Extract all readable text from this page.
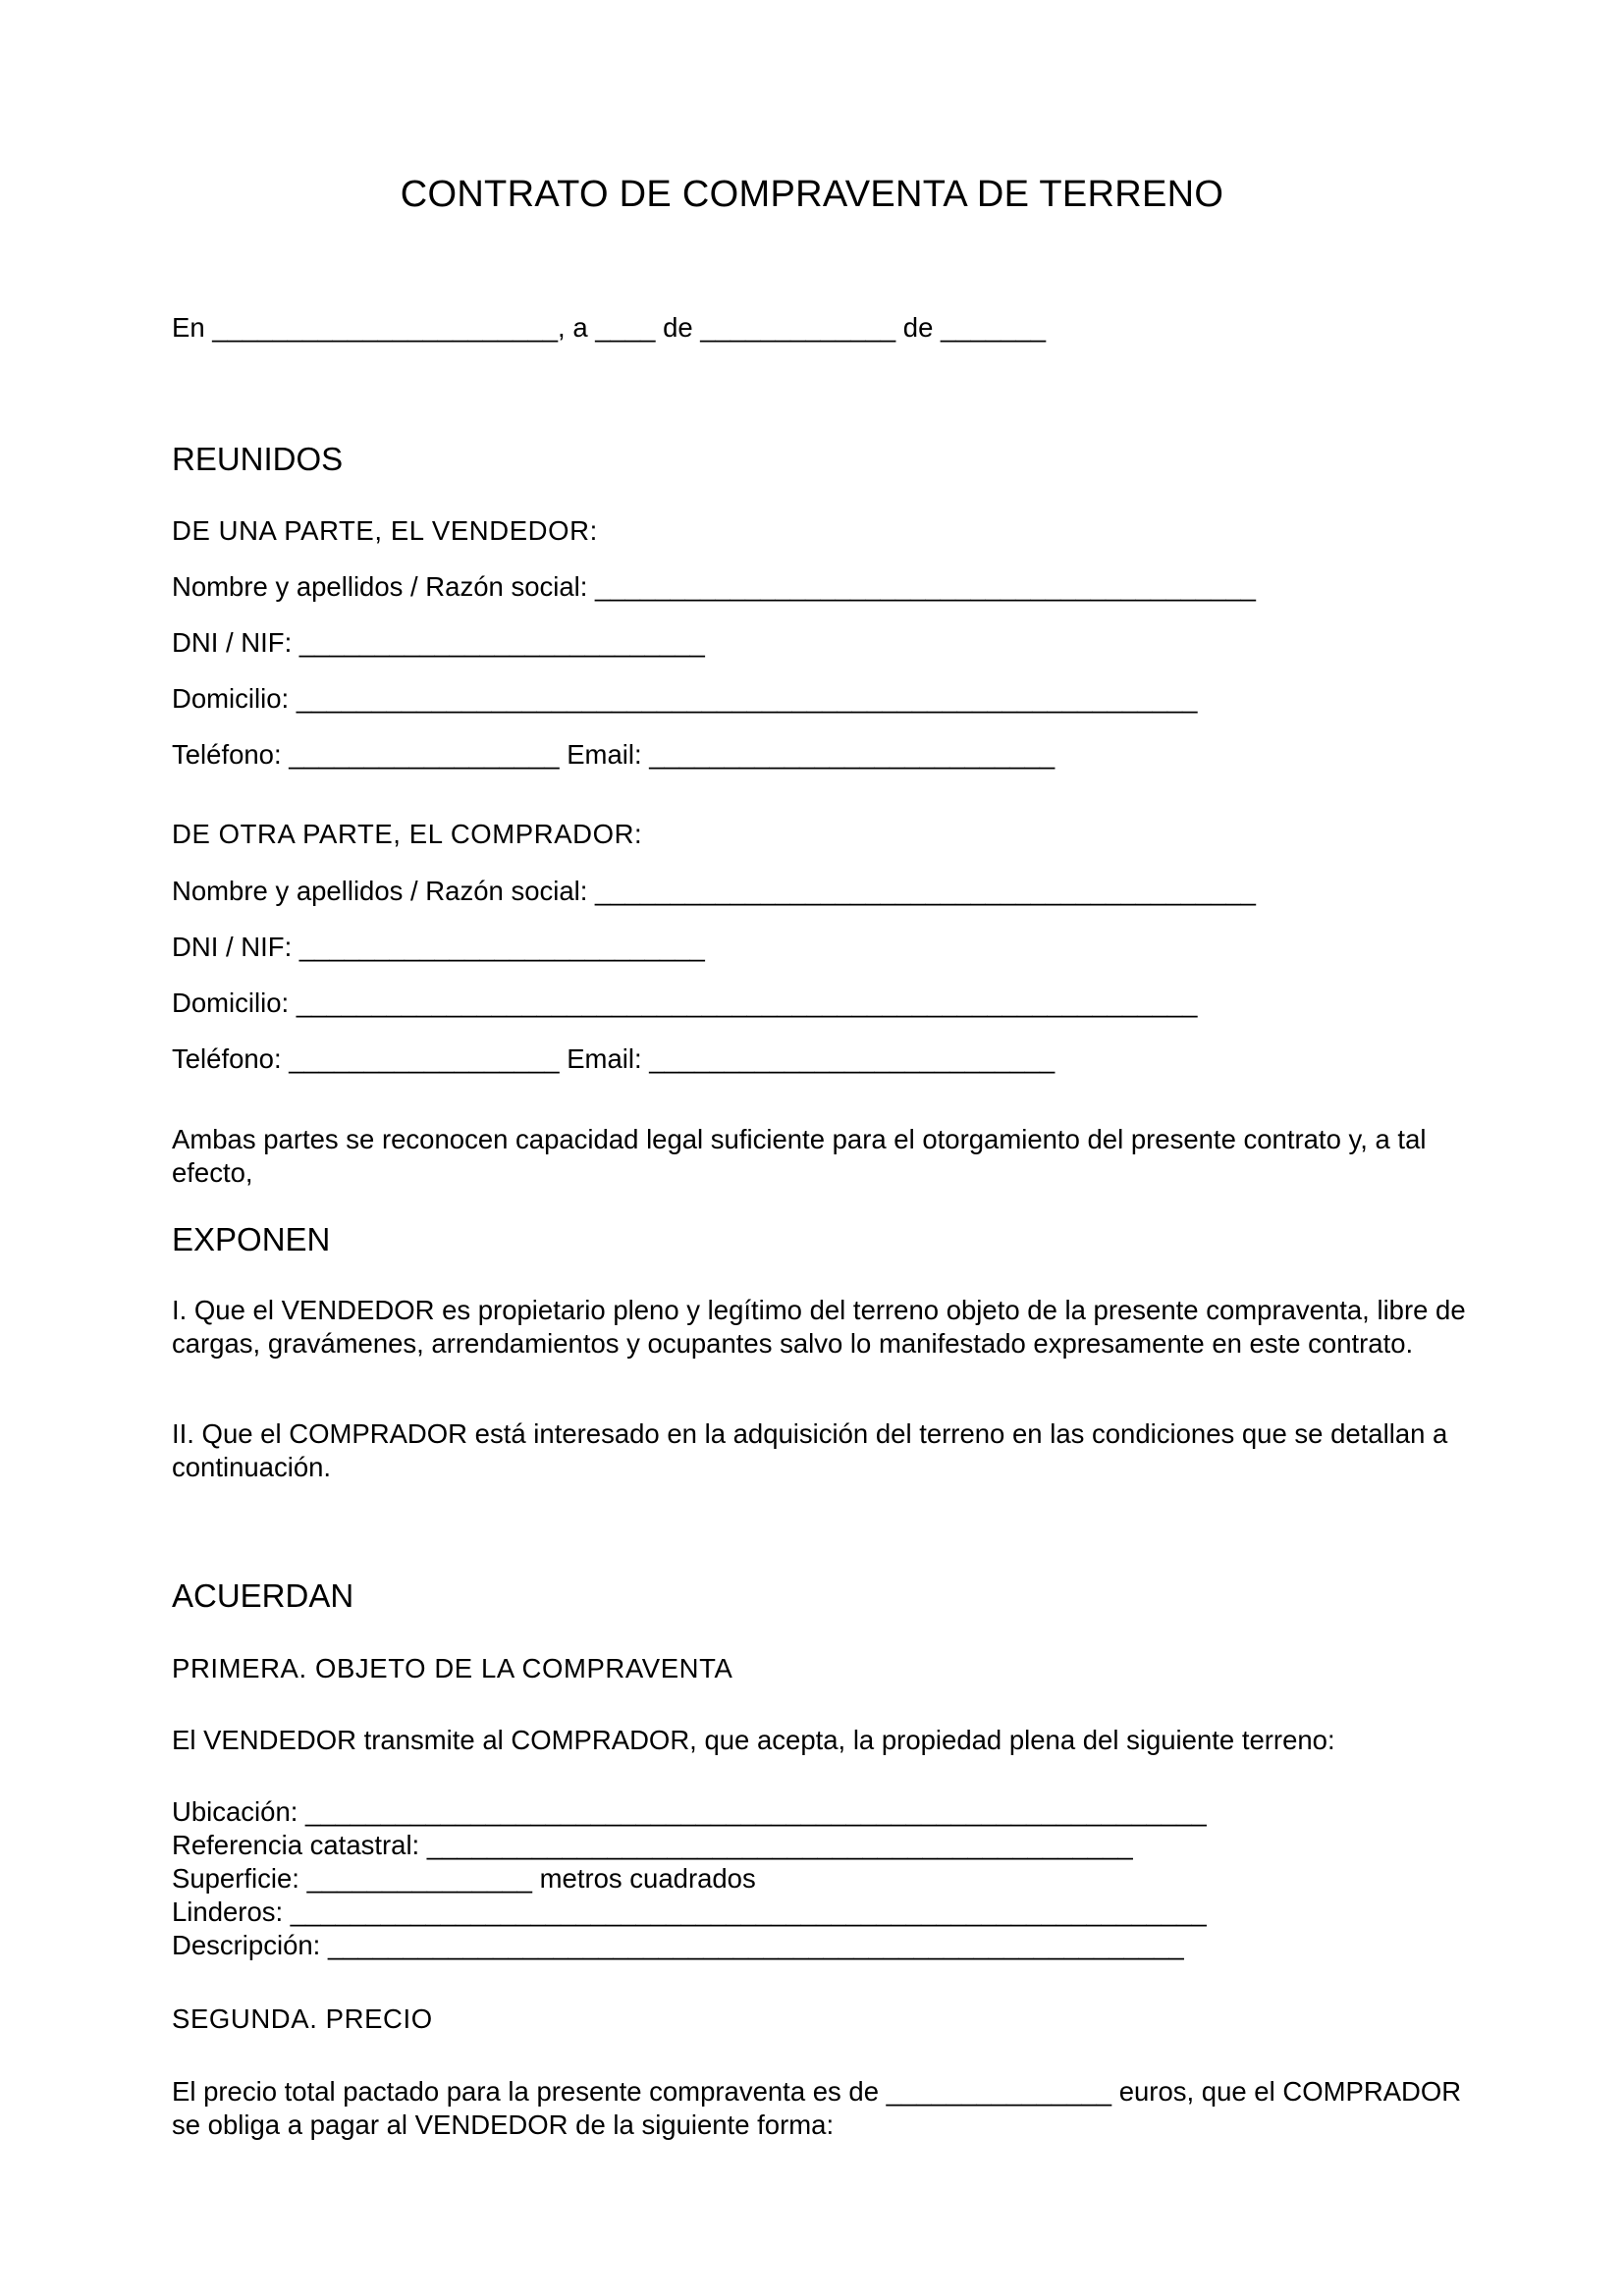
CONTRATO DE COMPRAVENTA DE TERRENO
En _______________________, a ____ de _____________ de _______
REUNIDOS
DE UNA PARTE, EL VENDEDOR:
Nombre y apellidos / Razón social: ____________________________________________
DNI / NIF: ___________________________
Domicilio: ____________________________________________________________
Teléfono: __________________ Email: ___________________________
DE OTRA PARTE, EL COMPRADOR:
Nombre y apellidos / Razón social: ____________________________________________
DNI / NIF: ___________________________
Domicilio: ____________________________________________________________
Teléfono: __________________ Email: ___________________________
Ambas partes se reconocen capacidad legal suficiente para el otorgamiento del presente contrato y, a tal efecto,
EXPONEN
I. Que el VENDEDOR es propietario pleno y legítimo del terreno objeto de la presente compraventa, libre de cargas, gravámenes, arrendamientos y ocupantes salvo lo manifestado expresamente en este contrato.
II. Que el COMPRADOR está interesado en la adquisición del terreno en las condiciones que se detallan a continuación.
ACUERDAN
PRIMERA. OBJETO DE LA COMPRAVENTA
El VENDEDOR transmite al COMPRADOR, que acepta, la propiedad plena del siguiente terreno:
Ubicación: ____________________________________________________________
Referencia catastral: _______________________________________________
Superficie: _______________ metros cuadrados
Linderos: _____________________________________________________________
Descripción: _________________________________________________________
SEGUNDA. PRECIO
El precio total pactado para la presente compraventa es de _______________ euros, que el COMPRADOR se obliga a pagar al VENDEDOR de la siguiente forma:
